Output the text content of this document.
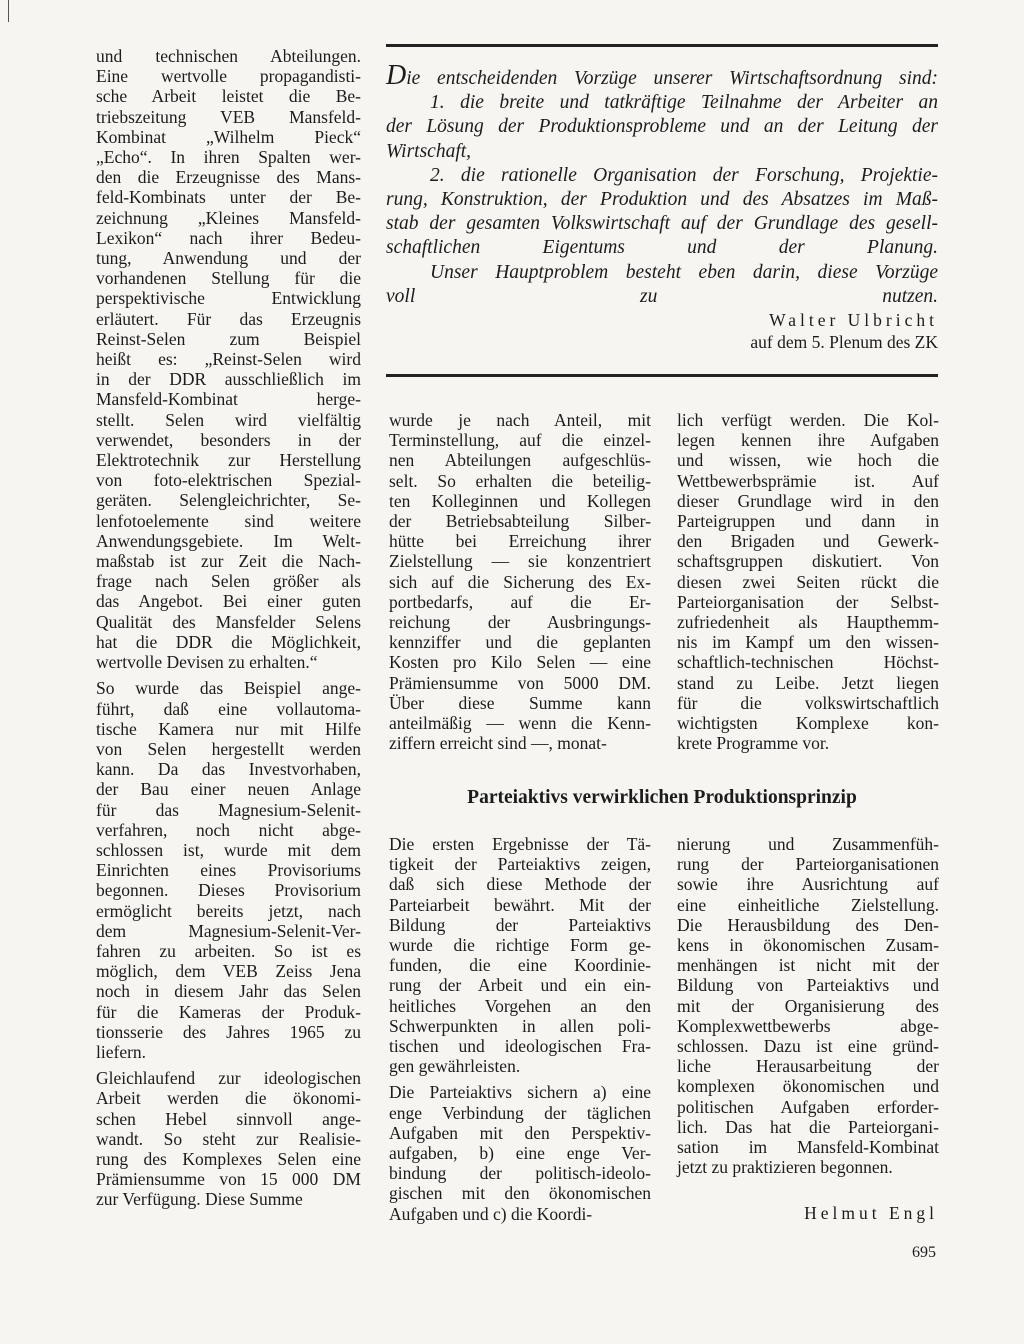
und technischen Abteilungen.
Eine wertvolle propagandisti-
sche Arbeit leistet die Be-
triebszeitung VEB Mansfeld-
Kombinat „Wilhelm Pieck“
„Echo“. In ihren Spalten wer-
den die Erzeugnisse des Mans-
feld-Kombinats unter der Be-
zeichnung „Kleines Mansfeld-
Lexikon“ nach ihrer Bedeu-
tung, Anwendung und der
vorhandenen Stellung für die
perspektivische Entwicklung
erläutert. Für das Erzeugnis
Reinst-Selen zum Beispiel
heißt es: „Reinst-Selen wird
in der DDR ausschließlich im
Mansfeld-Kombinat herge-
stellt. Selen wird vielfältig
verwendet, besonders in der
Elektrotechnik zur Herstellung
von foto-elektrischen Spezial-
geräten. Selengleichrichter, Se-
lenfotoelemente sind weitere
Anwendungsgebiete. Im Welt-
maßstab ist zur Zeit die Nach-
frage nach Selen größer als
das Angebot. Bei einer guten
Qualität des Mansfelder Selens
hat die DDR die Möglichkeit,
wertvolle Devisen zu erhalten.“
So wurde das Beispiel ange-
führt, daß eine vollautoma-
tische Kamera nur mit Hilfe
von Selen hergestellt werden
kann. Da das Investvorhaben,
der Bau einer neuen Anlage
für das Magnesium-Selenit-
verfahren, noch nicht abge-
schlossen ist, wurde mit dem
Einrichten eines Provisoriums
begonnen. Dieses Provisorium
ermöglicht bereits jetzt, nach
dem Magnesium-Selenit-Ver-
fahren zu arbeiten. So ist es
möglich, dem VEB Zeiss Jena
noch in diesem Jahr das Selen
für die Kameras der Produk-
tionsserie des Jahres 1965 zu
liefern.
Gleichlaufend zur ideologischen
Arbeit werden die ökonomi-
schen Hebel sinnvoll ange-
wandt. So steht zur Realisie-
rung des Komplexes Selen eine
Prämiensumme von 15 000 DM
zur Verfügung. Diese Summe
Die entscheidenden Vorzüge unserer Wirtschaftsordnung sind:
1. die breite und tatkräftige Teilnahme der Arbeiter an
der Lösung der Produktionsprobleme und an der Leitung der
Wirtschaft,
2. die rationelle Organisation der Forschung, Projektie-
rung, Konstruktion, der Produktion und des Absatzes im Maß-
stab der gesamten Volkswirtschaft auf der Grundlage des gesell-
schaftlichen Eigentums und der Planung.
Unser Hauptproblem besteht eben darin, diese Vorzüge
voll zu nutzen.
Walter Ulbricht
auf dem 5. Plenum des ZK
wurde je nach Anteil, mit
Terminstellung, auf die einzel-
nen Abteilungen aufgeschlüs-
selt. So erhalten die beteilig-
ten Kolleginnen und Kollegen
der Betriebsabteilung Silber-
hütte bei Erreichung ihrer
Zielstellung — sie konzentriert
sich auf die Sicherung des Ex-
portbedarfs, auf die Er-
reichung der Ausbringungs-
kennziffer und die geplanten
Kosten pro Kilo Selen — eine
Prämiensumme von 5000 DM.
Über diese Summe kann
anteilmäßig — wenn die Kenn-
ziffern erreicht sind —, monat-
lich verfügt werden. Die Kol-
legen kennen ihre Aufgaben
und wissen, wie hoch die
Wettbewerbsprämie ist. Auf
dieser Grundlage wird in den
Parteigruppen und dann in
den Brigaden und Gewerk-
schaftsgruppen diskutiert. Von
diesen zwei Seiten rückt die
Parteiorganisation der Selbst-
zufriedenheit als Haupthemm-
nis im Kampf um den wissen-
schaftlich-technischen Höchst-
stand zu Leibe. Jetzt liegen
für die volkswirtschaftlich
wichtigsten Komplexe kon-
krete Programme vor.
Parteiaktivs verwirklichen Produktionsprinzip
Die ersten Ergebnisse der Tä-
tigkeit der Parteiaktivs zeigen,
daß sich diese Methode der
Parteiarbeit bewährt. Mit der
Bildung der Parteiaktivs
wurde die richtige Form ge-
funden, die eine Koordinie-
rung der Arbeit und ein ein-
heitliches Vorgehen an den
Schwerpunkten in allen poli-
tischen und ideologischen Fra-
gen gewährleisten.
Die Parteiaktivs sichern a) eine
enge Verbindung der täglichen
Aufgaben mit den Perspektiv-
aufgaben, b) eine enge Ver-
bindung der politisch-ideolo-
gischen mit den ökonomischen
Aufgaben und c) die Koordi-
nierung und Zusammenfüh-
rung der Parteiorganisationen
sowie ihre Ausrichtung auf
eine einheitliche Zielstellung.
Die Herausbildung des Den-
kens in ökonomischen Zusam-
menhängen ist nicht mit der
Bildung von Parteiaktivs und
mit der Organisierung des
Komplexwettbewerbs abge-
schlossen. Dazu ist eine gründ-
liche Herausarbeitung der
komplexen ökonomischen und
politischen Aufgaben erforder-
lich. Das hat die Parteiorgani-
sation im Mansfeld-Kombinat
jetzt zu praktizieren begonnen.
Helmut Engl
695
